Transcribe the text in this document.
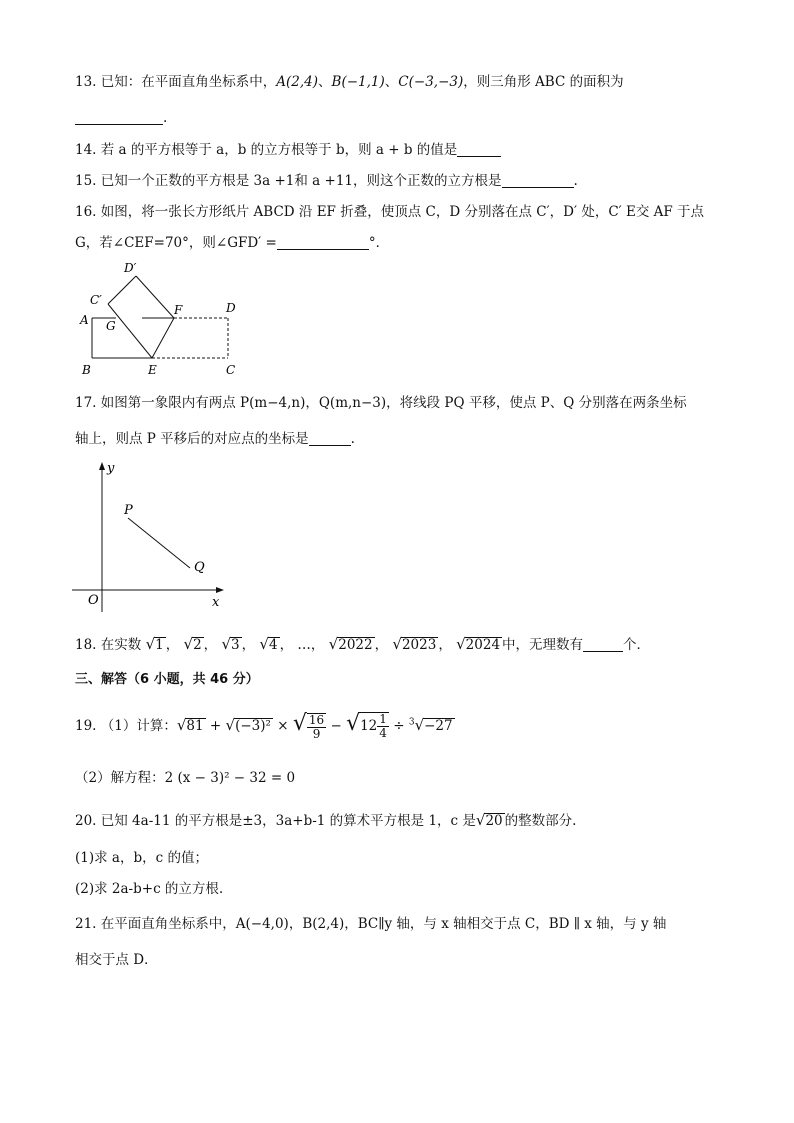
13. 已知：在平面直角坐标系中，A(2,4)、B(−1,1)、C(−3,−3)，则三角形 ABC 的面积为
.
14. 若 a 的平方根等于 a，b 的立方根等于 b，则 a + b 的值是
15. 已知一个正数的平方根是 3a +1和 a +11，则这个正数的立方根是	.
16. 如图，将一张长方形纸片 ABCD 沿 EF 折叠，使顶点 C，D 分别落在点 C′，D′ 处，C′ E交 AF 于点
G，若∠CEF=70°，则∠GFD′ =	°．
D′
C′
F	D
A G
B	E	C
17. 如图第一象限内有两点 P(m−4,n)，Q(m,n−3)，将线段 PQ 平移，使点 P、Q 分别落在两条坐标
轴上，则点 P 平移后的对应点的坐标是	.
y
P
Q
O	x
18. 在实数 √1 ， √2 ， √3 ， √4 ， …， √2022 ， √2023 ， √2024 中，无理数有	个．
三、解答（6 小题，共 46 分）
19. （1）计算：√81 + √(−3)² × √ $\frac{16}{9} - √12 \frac{1}{4} \div ^3√-27$
（2）解方程：2 (x − 3)² − 32 = 0
20. 已知 4a-11 的平方根是±3，3a+b-1 的算术平方根是 1，c 是√20 的整数部分.
(1)求 a，b，c 的值；
(2)求 2a-b+c 的立方根.
21. 在平面直角坐标系中，A(−4,0)，B(2,4)，BC∥y 轴，与 x 轴相交于点 C，BD ∥ x 轴，与 y 轴
相交于点 D．
